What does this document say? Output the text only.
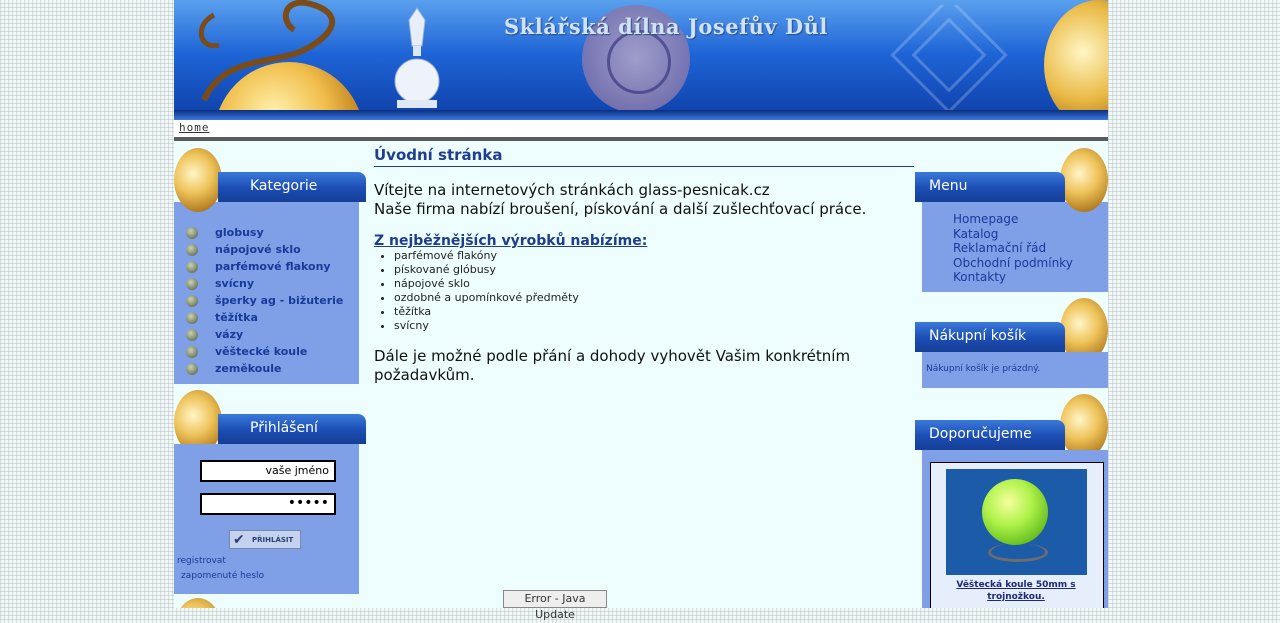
Sklářská dílna Josefův Důl
home
Kategorie
globusy
nápojové sklo
parfémové flakony
svícny
šperky ag - bižuterie
těžítka
vázy
věštecké koule
zeměkoule
Přihlášení
vaše jméno
•••••
✔ PŘIHLÁSIT
registrovat
zapomenuté heslo
Úvodní stránka
Vítejte na internetových stránkách glass-pesnicak.cz
Naše firma nabízí broušení, pískování a další zušlechťovací práce.
Z nejběžnějších výrobků nabízíme:
• parfémové flakóny
• pískované glóbusy
• nápojové sklo
• ozdobné a upomínkové předměty
• těžítka
• svícny
Dále je možné podle přání a dohody vyhovět Vašim konkrétním požadavkům.
Menu
Homepage
Katalog
Reklamační řád
Obchodní podmínky
Kontakty
Nákupní košík
Nákupní košík je prázdný.
Doporučujeme
Věštecká koule 50mm s trojnožkou.
Error - Java Update
